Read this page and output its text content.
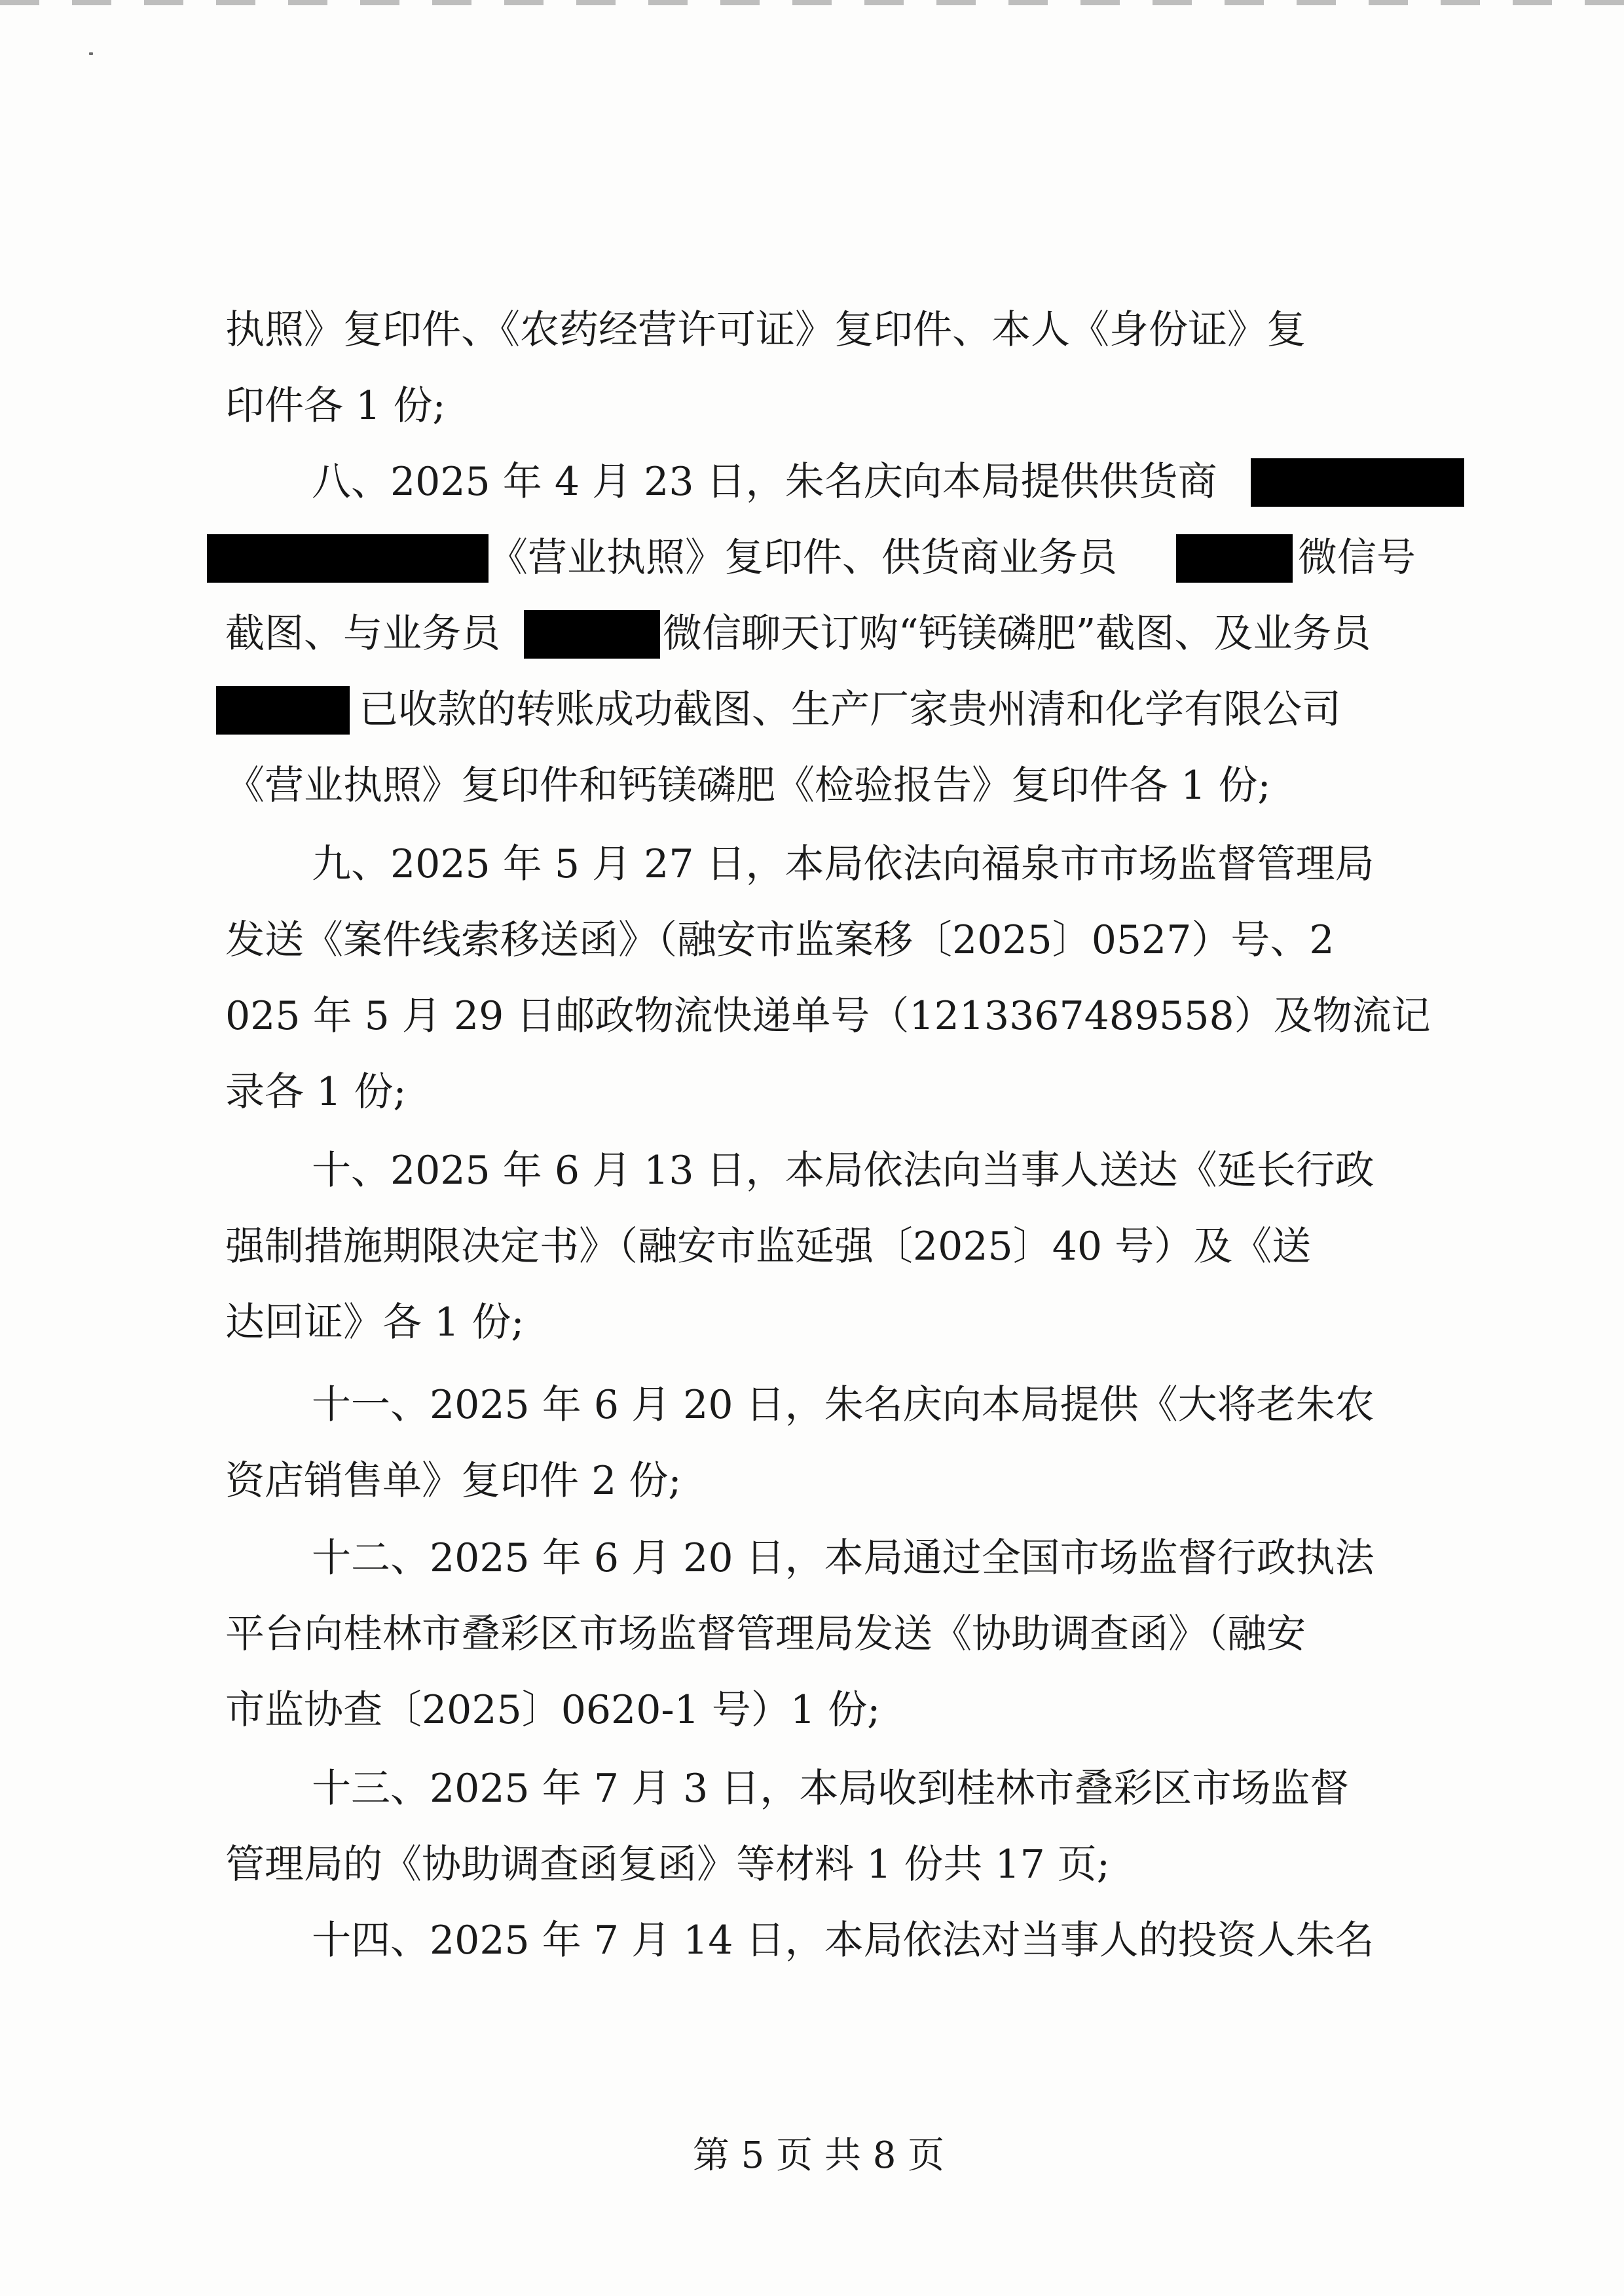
执照》复印件、《农药经营许可证》复印件、本人《身份证》复
印件各 1 份;
八、2025 年 4 月 23 日，朱名庆向本局提供供货商
《营业执照》复印件、供货商业务员	微信号
截图、与业务员	微信聊天订购“钙镁磷肥”截图、及业务员
已收款的转账成功截图、生产厂家贵州清和化学有限公司
《营业执照》复印件和钙镁磷肥《检验报告》复印件各 1 份;
九、2025 年 5 月 27 日，本局依法向福泉市市场监督管理局
发送《案件线索移送函》（融安市监案移〔2025〕0527）号、2
025 年 5 月 29 日邮政物流快递单号（1213367489558）及物流记
录各 1 份;
十、2025 年 6 月 13 日，本局依法向当事人送达《延长行政
强制措施期限决定书》（融安市监延强〔2025〕40 号）及《送
达回证》各 1 份;
十一、2025 年 6 月 20 日，朱名庆向本局提供《大将老朱农
资店销售单》复印件 2 份;
十二、2025 年 6 月 20 日，本局通过全国市场监督行政执法
平台向桂林市叠彩区市场监督管理局发送《协助调查函》（融安
市监协查〔2025〕0620-1 号）1 份;
十三、2025 年 7 月 3 日，本局收到桂林市叠彩区市场监督
管理局的《协助调查函复函》等材料 1 份共 17 页;
十四、2025 年 7 月 14 日，本局依法对当事人的投资人朱名
第 5 页 共 8 页
